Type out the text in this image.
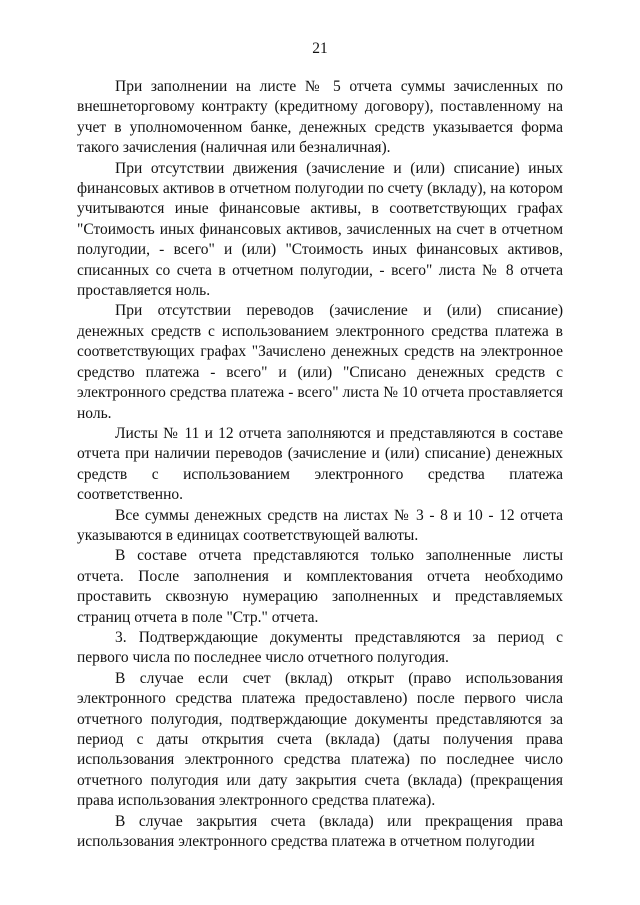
21

При заполнении на листе № 5 отчета суммы зачисленных по внешнеторговому контракту (кредитному договору), поставленному на учет в уполномоченном банке, денежных средств указывается форма такого зачисления (наличная или безналичная).

При отсутствии движения (зачисление и (или) списание) иных финансовых активов в отчетном полугодии по счету (вкладу), на котором учитываются иные финансовые активы, в соответствующих графах "Стоимость иных финансовых активов, зачисленных на счет в отчетном полугодии, - всего" и (или) "Стоимость иных финансовых активов, списанных со счета в отчетном полугодии, - всего" листа № 8 отчета проставляется ноль.

При отсутствии переводов (зачисление и (или) списание) денежных средств с использованием электронного средства платежа в соответствующих графах "Зачислено денежных средств на электронное средство платежа - всего" и (или) "Списано денежных средств с электронного средства платежа - всего" листа № 10 отчета проставляется ноль.

Листы № 11 и 12 отчета заполняются и представляются в составе отчета при наличии переводов (зачисление и (или) списание) денежных средств с использованием электронного средства платежа соответственно.

Все суммы денежных средств на листах № 3 - 8 и 10 - 12 отчета указываются в единицах соответствующей валюты.

В составе отчета представляются только заполненные листы отчета. После заполнения и комплектования отчета необходимо проставить сквозную нумерацию заполненных и представляемых страниц отчета в поле "Стр." отчета.

3. Подтверждающие документы представляются за период с первого числа по последнее число отчетного полугодия.

В случае если счет (вклад) открыт (право использования электронного средства платежа предоставлено) после первого числа отчетного полугодия, подтверждающие документы представляются за период с даты открытия счета (вклада) (даты получения права использования электронного средства платежа) по последнее число отчетного полугодия или дату закрытия счета (вклада) (прекращения права использования электронного средства платежа).

В случае закрытия счета (вклада) или прекращения права использования электронного средства платежа в отчетном полугодии
